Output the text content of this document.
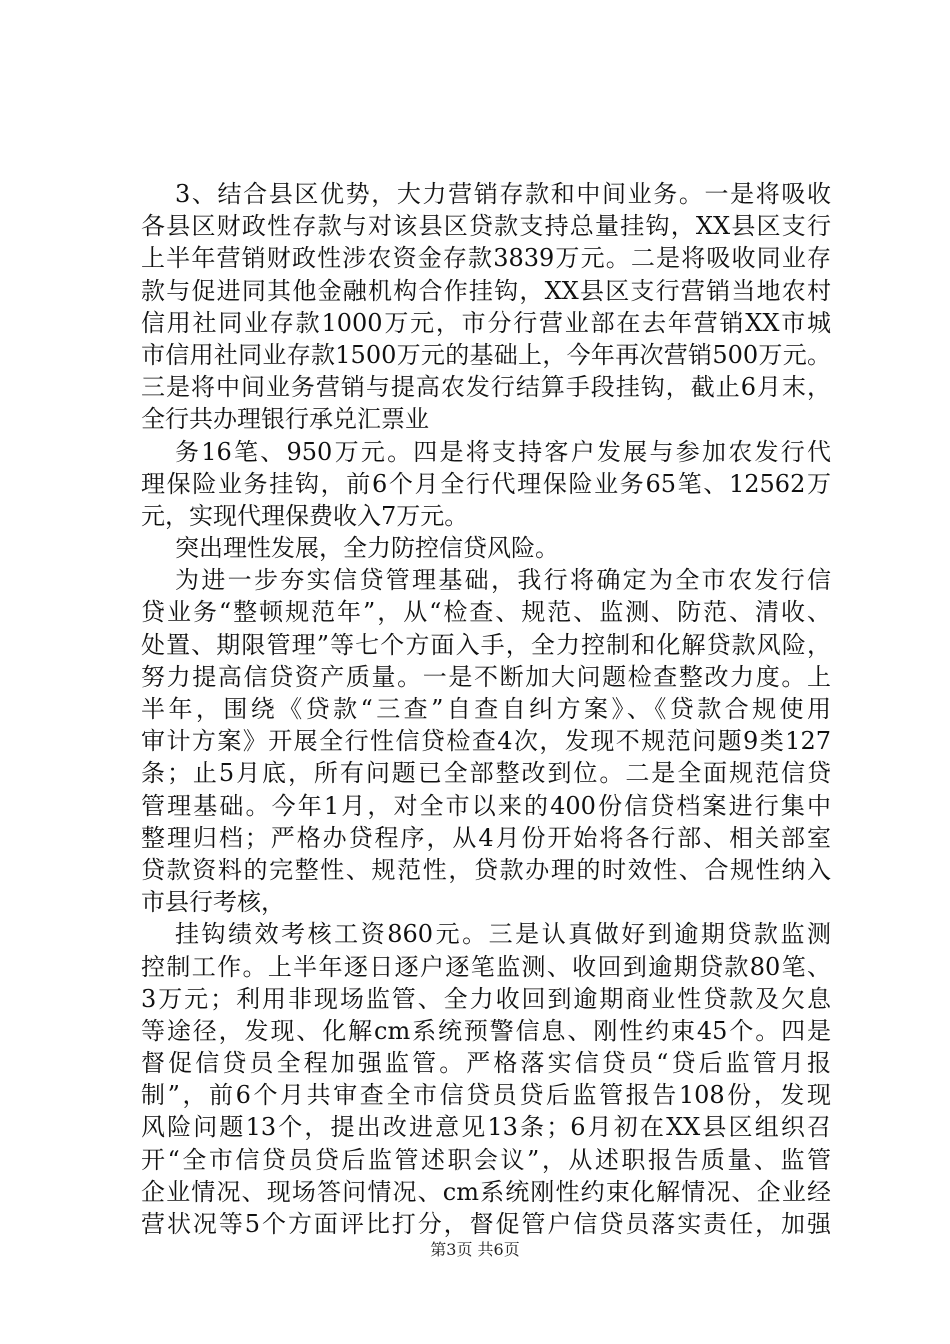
3、结合县区优势，大力营销存款和中间业务。一是将吸收
各县区财政性存款与对该县区贷款支持总量挂钩，XX县区支行
上半年营销财政性涉农资金存款3839万元。二是将吸收同业存
款与促进同其他金融机构合作挂钩，XX县区支行营销当地农村
信用社同业存款1000万元，市分行营业部在去年营销XX市城
市信用社同业存款1500万元的基础上，今年再次营销500万元。
三是将中间业务营销与提高农发行结算手段挂钩，截止6月末，
全行共办理银行承兑汇票业
务16笔、950万元。四是将支持客户发展与参加农发行代
理保险业务挂钩，前6个月全行代理保险业务65笔、12562万
元，实现代理保费收入7万元。
突出理性发展，全力防控信贷风险。
为进一步夯实信贷管理基础，我行将确定为全市农发行信
贷业务“整顿规范年”，从“检查、规范、监测、防范、清收、
处置、期限管理”等七个方面入手，全力控制和化解贷款风险，
努力提高信贷资产质量。一是不断加大问题检查整改力度。上
半年，围绕《贷款“三查”自查自纠方案》、《贷款合规使用
审计方案》开展全行性信贷检查4次，发现不规范问题9类127
条；止5月底，所有问题已全部整改到位。二是全面规范信贷
管理基础。今年1月，对全市以来的400份信贷档案进行集中
整理归档；严格办贷程序，从4月份开始将各行部、相关部室
贷款资料的完整性、规范性，贷款办理的时效性、合规性纳入
市县行考核，
挂钩绩效考核工资860元。三是认真做好到逾期贷款监测
控制工作。上半年逐日逐户逐笔监测、收回到逾期贷款80笔、
3万元；利用非现场监管、全力收回到逾期商业性贷款及欠息
等途径，发现、化解cm系统预警信息、刚性约束45个。四是
督促信贷员全程加强监管。严格落实信贷员“贷后监管月报
制”，前6个月共审查全市信贷员贷后监管报告108份，发现
风险问题13个，提出改进意见13条；6月初在XX县区组织召
开“全市信贷员贷后监管述职会议”，从述职报告质量、监管
企业情况、现场答问情况、cm系统刚性约束化解情况、企业经
营状况等5个方面评比打分，督促管户信贷员落实责任，加强
第3页 共6页
